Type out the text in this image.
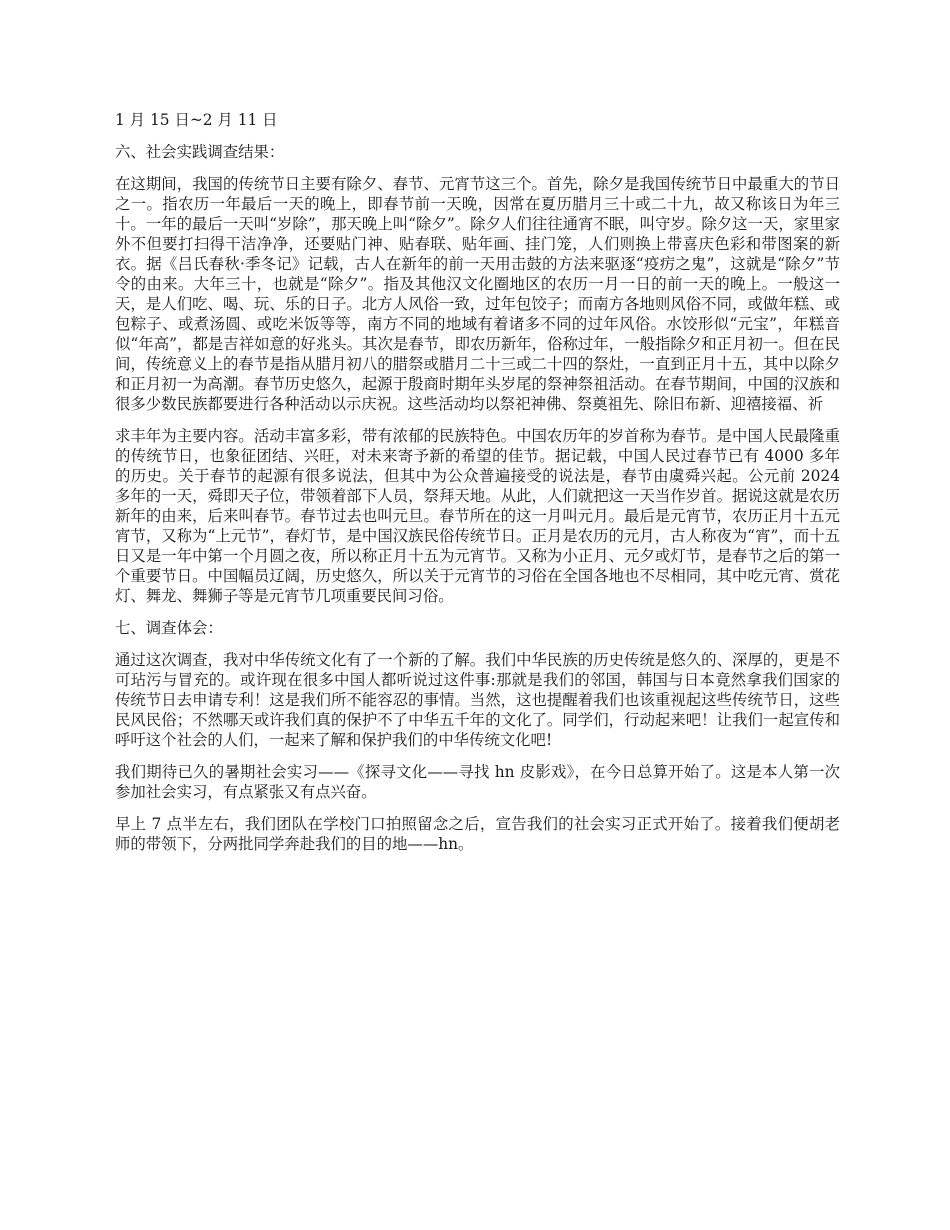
1 月 15 日~2 月 11 日

六、社会实践调查结果：

在这期间，我国的传统节日主要有除夕、春节、元宵节这三个。首先，除夕是我国传统节日中最重大的节日之一。指农历一年最后一天的晚上，即春节前一天晚，因常在夏历腊月三十或二十九，故又称该日为年三十。一年的最后一天叫“岁除”，那天晚上叫“除夕”。除夕人们往往通宵不眠，叫守岁。除夕这一天，家里家外不但要打扫得干洁净净，还要贴门神、贴春联、贴年画、挂门笼，人们则换上带喜庆色彩和带图案的新衣。据《吕氏春秋·季冬记》记载，古人在新年的前一天用击鼓的方法来驱逐“疫疠之鬼”，这就是“除夕”节令的由来。大年三十，也就是“除夕”。指及其他汉文化圈地区的农历一月一日的前一天的晚上。一般这一天，是人们吃、喝、玩、乐的日子。北方人风俗一致，过年包饺子；而南方各地则风俗不同，或做年糕、或包粽子、或煮汤圆、或吃米饭等等，南方不同的地域有着诸多不同的过年风俗。水饺形似“元宝”，年糕音似“年高”，都是吉祥如意的好兆头。其次是春节，即农历新年，俗称过年，一般指除夕和正月初一。但在民间，传统意义上的春节是指从腊月初八的腊祭或腊月二十三或二十四的祭灶，一直到正月十五，其中以除夕和正月初一为高潮。春节历史悠久，起源于殷商时期年头岁尾的祭神祭祖活动。在春节期间，中国的汉族和很多少数民族都要进行各种活动以示庆祝。这些活动均以祭祀神佛、祭奠祖先、除旧布新、迎禧接福、祈

求丰年为主要内容。活动丰富多彩，带有浓郁的民族特色。中国农历年的岁首称为春节。是中国人民最隆重的传统节日，也象征团结、兴旺，对未来寄予新的希望的佳节。据记载，中国人民过春节已有 4000 多年的历史。关于春节的起源有很多说法，但其中为公众普遍接受的说法是，春节由虞舜兴起。公元前 2024 多年的一天，舜即天子位，带领着部下人员，祭拜天地。从此，人们就把这一天当作岁首。据说这就是农历新年的由来，后来叫春节。春节过去也叫元旦。春节所在的这一月叫元月。最后是元宵节，农历正月十五元宵节，又称为“上元节”，春灯节，是中国汉族民俗传统节日。正月是农历的元月，古人称夜为“宵”，而十五日又是一年中第一个月圆之夜，所以称正月十五为元宵节。又称为小正月、元夕或灯节，是春节之后的第一个重要节日。中国幅员辽阔，历史悠久，所以关于元宵节的习俗在全国各地也不尽相同，其中吃元宵、赏花灯、舞龙、舞狮子等是元宵节几项重要民间习俗。

七、调查体会：

通过这次调查，我对中华传统文化有了一个新的了解。我们中华民族的历史传统是悠久的、深厚的，更是不可玷污与冒充的。或许现在很多中国人都听说过这件事:那就是我们的邻国，韩国与日本竟然拿我们国家的传统节日去申请专利！这是我们所不能容忍的事情。当然，这也提醒着我们也该重视起这些传统节日，这些民风民俗；不然哪天或许我们真的保护不了中华五千年的文化了。同学们，行动起来吧！让我们一起宣传和呼吁这个社会的人们，一起来了解和保护我们的中华传统文化吧!

我们期待已久的暑期社会实习——《探寻文化——寻找 hn 皮影戏》，在今日总算开始了。这是本人第一次参加社会实习，有点紧张又有点兴奋。

早上 7 点半左右，我们团队在学校门口拍照留念之后，宣告我们的社会实习正式开始了。接着我们便胡老师的带领下，分两批同学奔赴我们的目的地——hn。
